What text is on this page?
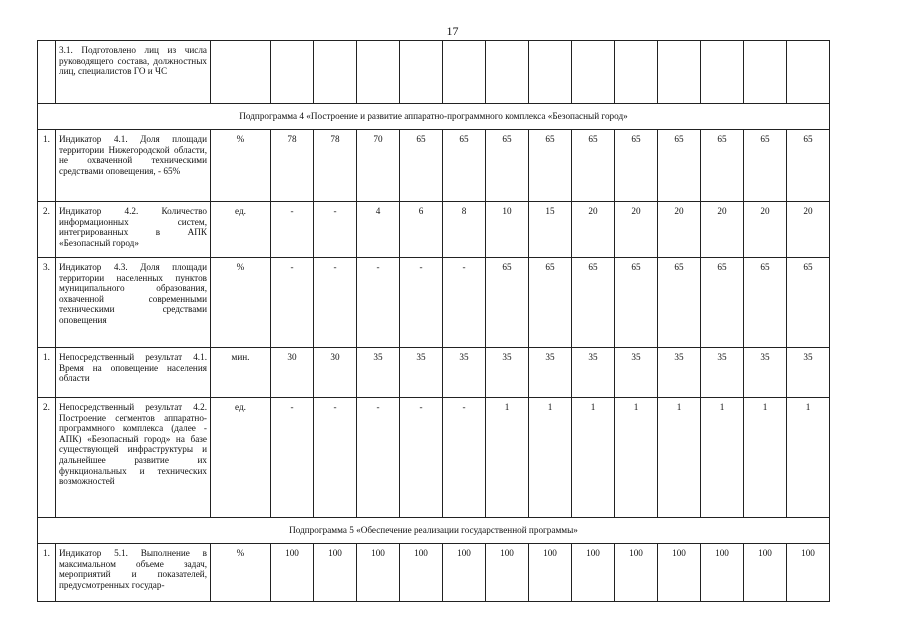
17
	3.1. Подготовлено лиц из числа руководящего состава, должностных лиц, специалистов ГО и ЧС														
Подпрограмма 4 «Построение и развитие аппаратно-программного комплекса «Безопасный город»															
1.	Индикатор 4.1. Доля площади территории Нижегородской области, не охваченной техническими средствами оповещения, - 65%	%	78	78	70	65	65	65	65	65	65	65	65	65	65
2.	Индикатор 4.2. Количество информационных систем, интегрированных в АПК «Безопасный город»	ед.	-	-	4	6	8	10	15	20	20	20	20	20	20
3.	Индикатор 4.3. Доля площади территории населенных пунктов муниципального образования, охваченной современными техническими средствами оповещения	%	-	-	-	-	-	65	65	65	65	65	65	65	65
1.	Непосредственный результат 4.1. Время на оповещение населения области	мин.	30	30	35	35	35	35	35	35	35	35	35	35	35
2.	Непосредственный результат 4.2. Построение сегментов аппаратно-программного комплекса (далее - АПК) «Безопасный город» на базе существующей инфраструктуры и дальнейшее развитие их функциональных и технических возможностей	ед.	-	-	-	-	-	1	1	1	1	1	1	1	1
Подпрограмма 5 «Обеспечение реализации государственной программы»															
1.	Индикатор 5.1. Выполнение в максимальном объеме задач, мероприятий и показателей, предусмотренных государ-	%	100	100	100	100	100	100	100	100	100	100	100	100	100
